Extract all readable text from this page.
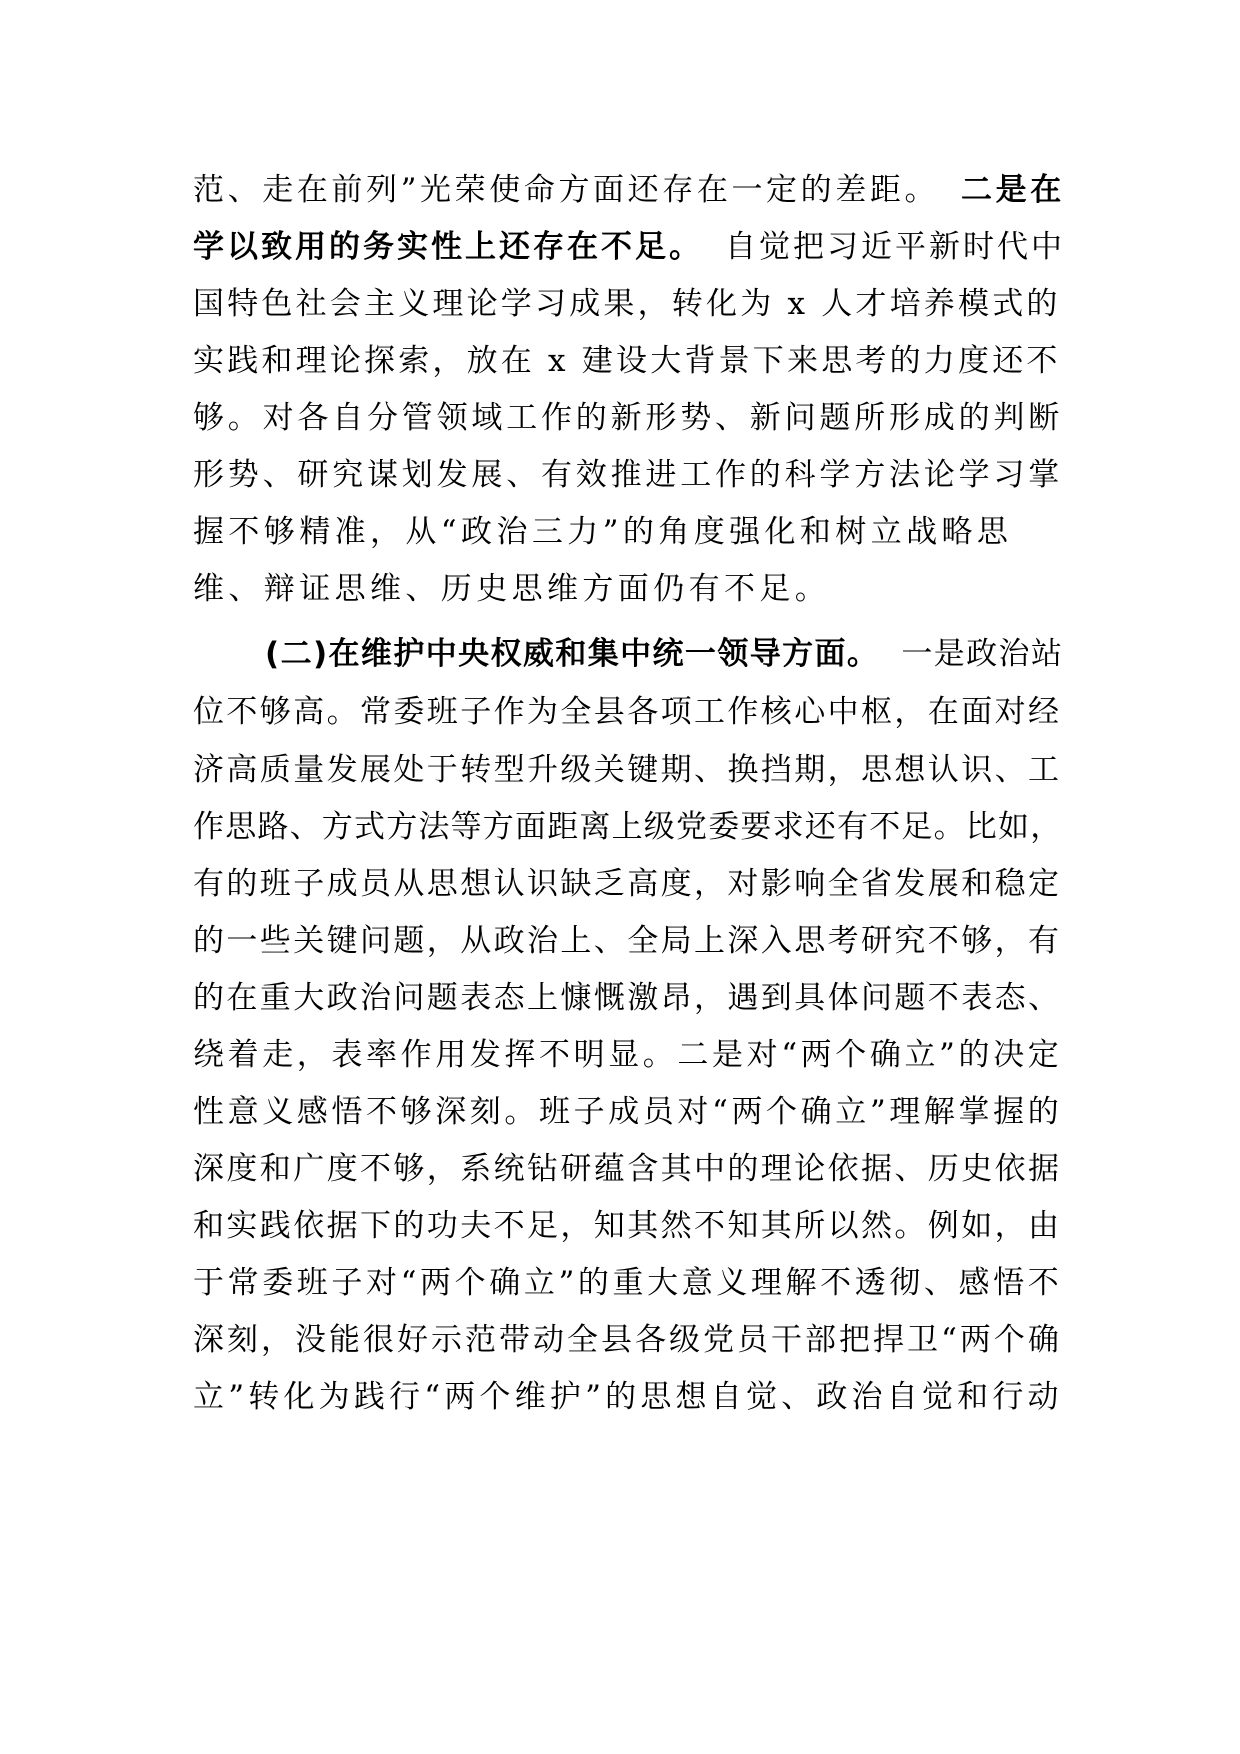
范、走在前列”光荣使命方面还存在一定的差距。 二是在
学以致用的务实性上还存在不足。 自觉把习近平新时代中
国特色社会主义理论学习成果，转化为 x 人才培养模式的
实践和理论探索，放在 x 建设大背景下来思考的力度还不
够。对各自分管领域工作的新形势、新问题所形成的判断
形势、研究谋划发展、有效推进工作的科学方法论学习掌
握不够精准，从“政治三力”的角度强化和树立战略思
维、辩证思维、历史思维方面仍有不足。
(二)在维护中央权威和集中统一领导方面。 一是政治站
位不够高。常委班子作为全县各项工作核心中枢，在面对经
济高质量发展处于转型升级关键期、换挡期，思想认识、工
作思路、方式方法等方面距离上级党委要求还有不足。比如，
有的班子成员从思想认识缺乏高度，对影响全省发展和稳定
的一些关键问题，从政治上、全局上深入思考研究不够，有
的在重大政治问题表态上慷慨激昂，遇到具体问题不表态、
绕着走，表率作用发挥不明显。二是对“两个确立”的决定
性意义感悟不够深刻。班子成员对“两个确立”理解掌握的
深度和广度不够，系统钻研蕴含其中的理论依据、历史依据
和实践依据下的功夫不足，知其然不知其所以然。例如，由
于常委班子对“两个确立”的重大意义理解不透彻、感悟不
深刻，没能很好示范带动全县各级党员干部把捍卫“两个确
立”转化为践行“两个维护”的思想自觉、政治自觉和行动
